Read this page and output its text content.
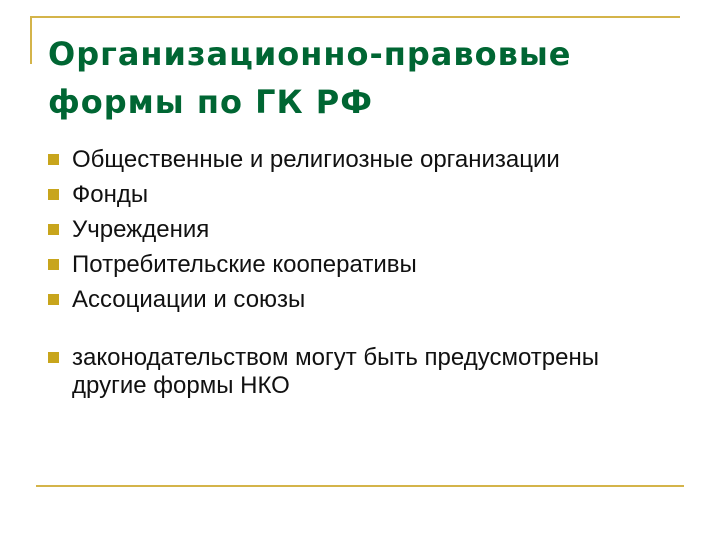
Организационно-правовые формы по ГК РФ
Общественные и религиозные организации
Фонды
Учреждения
Потребительские кооперативы
Ассоциации и союзы
законодательством могут быть предусмотрены другие формы НКО
